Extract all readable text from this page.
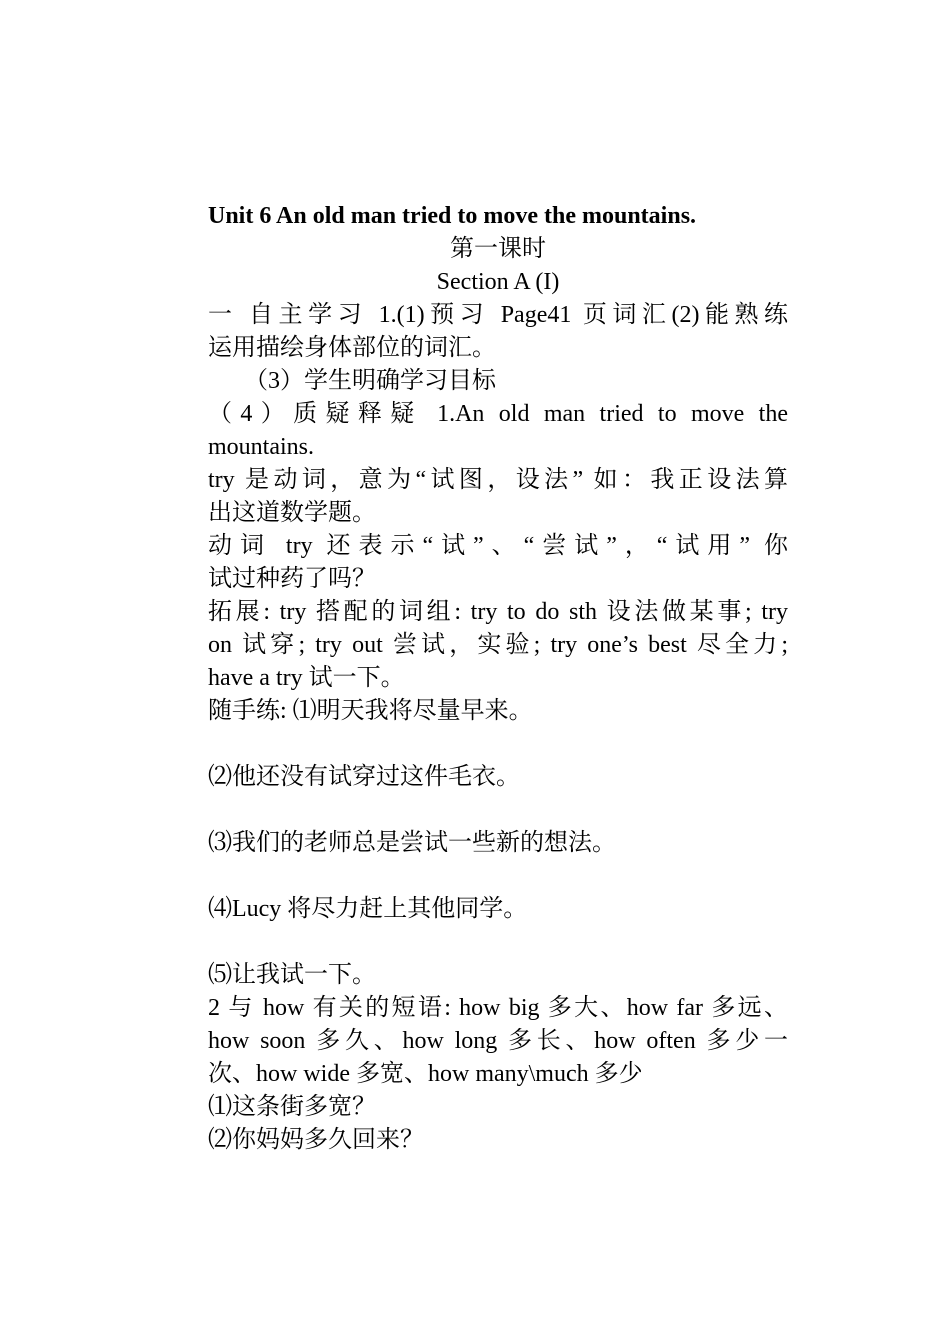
Unit 6 An old man tried to move the mountains.
第一课时
Section A (I)
一 自主学习 1.(1)预习 Page41 页词汇(2)能熟练
运用描绘身体部位的词汇。
（3）学生明确学习目标
（4）质疑释疑 1.An old man tried to move the
mountains.
try 是动词，意为“试图，设法” 如：我正设法算
出这道数学题。
动词 try 还表示“试”、“尝试”，“试用” 你
试过种药了吗？
拓展: try 搭配的词组: try to do sth 设法做某事; try
on 试穿; try out 尝试，实验; try one’s best 尽全力;
have a try 试一下。
随手练: ⑴明天我将尽量早来。
⑵他还没有试穿过这件毛衣。
⑶我们的老师总是尝试一些新的想法。
⑷Lucy 将尽力赶上其他同学。
⑸让我试一下。
2 与 how 有关的短语: how big 多大、how far 多远、
how soon 多久、how long 多长、how often 多少一
次、how wide 多宽、how many\much 多少
⑴这条街多宽？
⑵你妈妈多久回来？
